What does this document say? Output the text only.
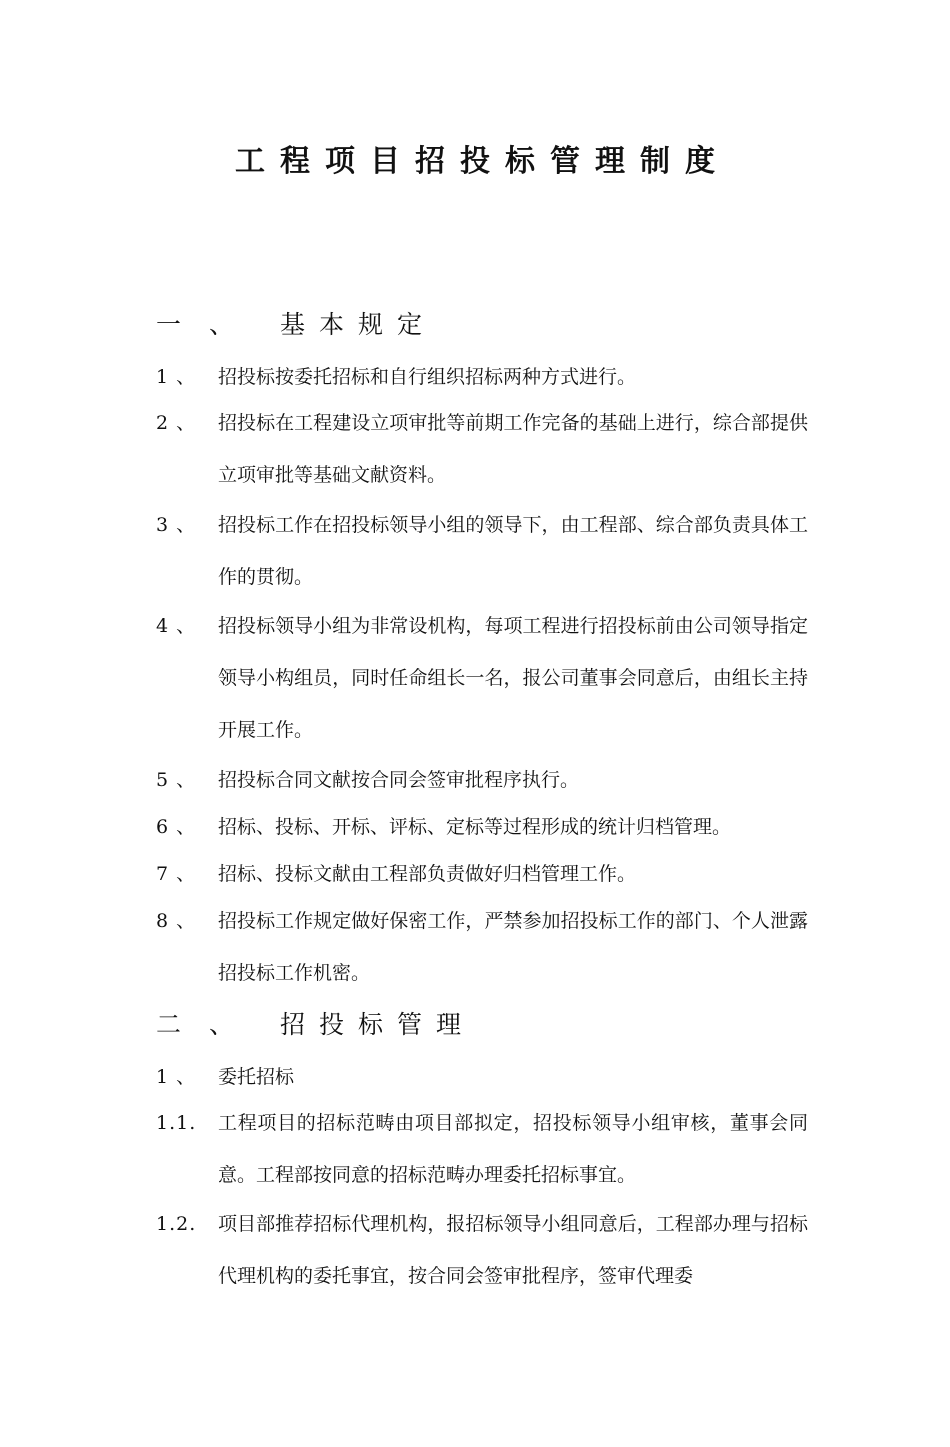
工程项目招投标管理制度
一 、 基本规定
1 、	招投标按委托招标和自行组织招标两种方式进行。
2 、	招投标在工程建设立项审批等前期工作完备的基础上进行，综合部提供立项审批等基础文献资料。
3 、	招投标工作在招投标领导小组的领导下，由工程部、综合部负责具体工作的贯彻。
4 、	招投标领导小组为非常设机构，每项工程进行招投标前由公司领导指定领导小构组员，同时任命组长一名，报公司董事会同意后，由组长主持开展工作。
5 、	招投标合同文献按合同会签审批程序执行。
6 、	招标、投标、开标、评标、定标等过程形成的统计归档管理。
7 、	招标、投标文献由工程部负责做好归档管理工作。
8 、	招投标工作规定做好保密工作，严禁参加招投标工作的部门、个人泄露招投标工作机密。
二 、 招投标管理
1 、	委托招标
1.1.	工程项目的招标范畴由项目部拟定，招投标领导小组审核，董事会同意。工程部按同意的招标范畴办理委托招标事宜。
1.2.	项目部推荐招标代理机构，报招标领导小组同意后，工程部办理与招标代理机构的委托事宜，按合同会签审批程序，签审代理委
